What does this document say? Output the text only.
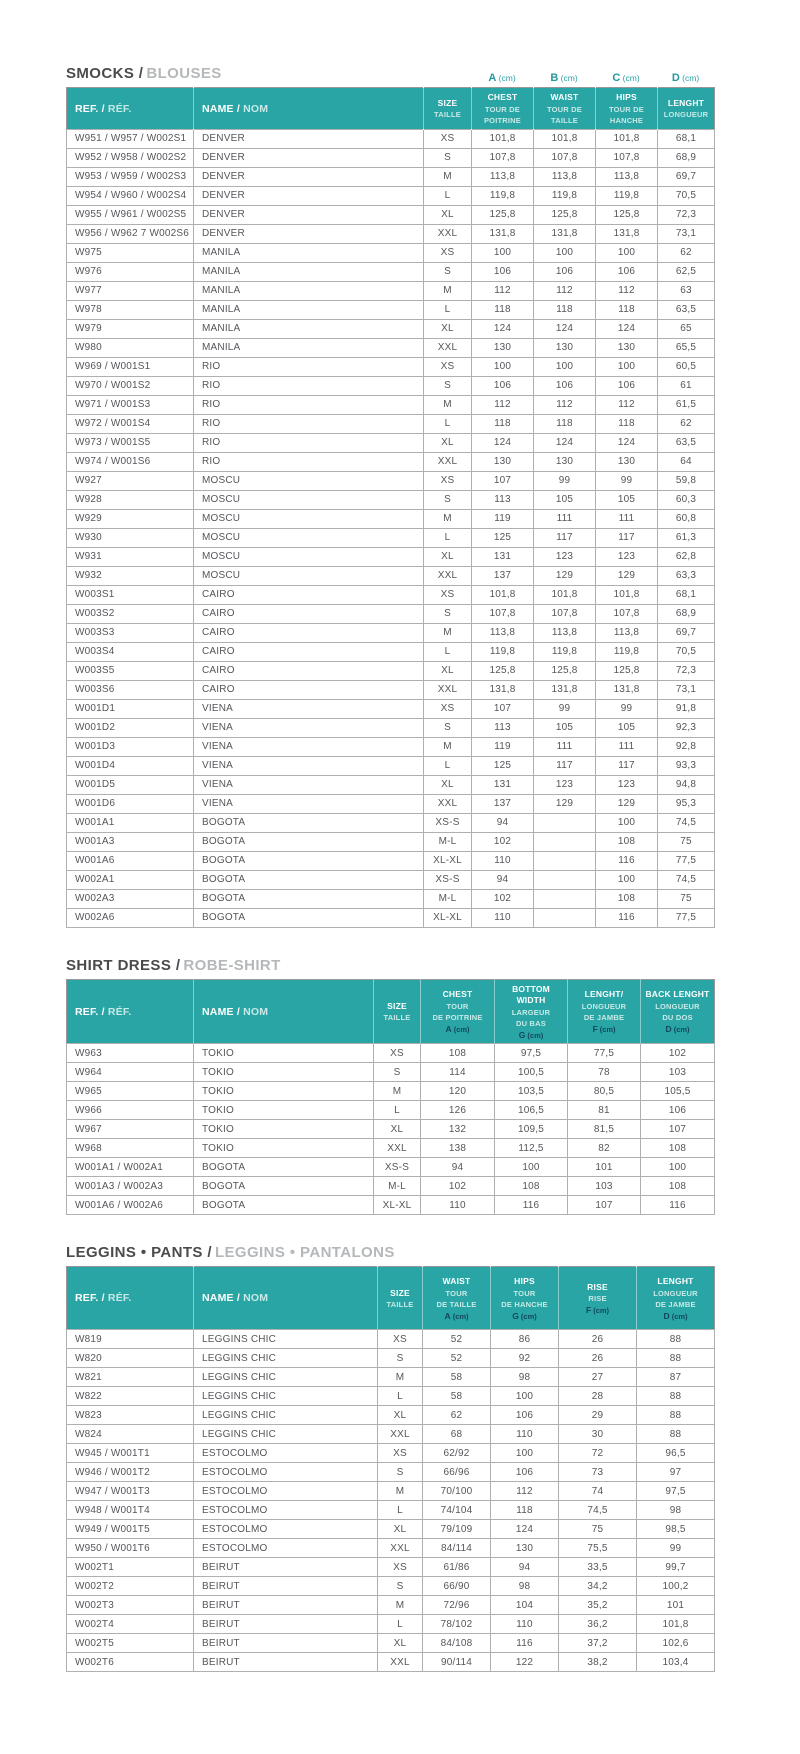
SMOCKS / BLOUSES	A (cm)	B (cm)	C (cm)	D (cm)
REF. / RÉF.	NAME / NOM	SIZE
TAILLE

CHEST
TOUR DE
POITRINE

WAIST
TOUR DE
TAILLE

HIPS
TOUR DE
HANCHE

LENGHT
LONGUEUR

W951 / W957 / W002S1	DENVER	XS	101,8	101,8	101,8	68,1
W952 / W958 / W002S2	DENVER	S	107,8	107,8	107,8	68,9
W953 / W959 / W002S3	DENVER	M	113,8	113,8	113,8	69,7
W954 / W960 / W002S4	DENVER	L	119,8	119,8	119,8	70,5
W955 / W961 / W002S5	DENVER	XL	125,8	125,8	125,8	72,3
W956 / W962 7 W002S6	DENVER	XXL	131,8	131,8	131,8	73,1
W975	MANILA	XS	100	100	100	62
W976	MANILA	S	106	106	106	62,5
W977	MANILA	M	112	112	112	63
W978	MANILA	L	118	118	118	63,5
W979	MANILA	XL	124	124	124	65
W980	MANILA	XXL	130	130	130	65,5
W969 / W001S1	RIO	XS	100	100	100	60,5
W970 / W001S2	RIO	S	106	106	106	61
W971 / W001S3	RIO	M	112	112	112	61,5
W972 / W001S4	RIO	L	118	118	118	62
W973 / W001S5	RIO	XL	124	124	124	63,5
W974 / W001S6	RIO	XXL	130	130	130	64
W927	MOSCU	XS	107	99	99	59,8
W928	MOSCU	S	113	105	105	60,3
W929	MOSCU	M	119	111	111	60,8
W930	MOSCU	L	125	117	117	61,3
W931	MOSCU	XL	131	123	123	62,8
W932	MOSCU	XXL	137	129	129	63,3
W003S1	CAIRO	XS	101,8	101,8	101,8	68,1
W003S2	CAIRO	S	107,8	107,8	107,8	68,9
W003S3	CAIRO	M	113,8	113,8	113,8	69,7
W003S4	CAIRO	L	119,8	119,8	119,8	70,5
W003S5	CAIRO	XL	125,8	125,8	125,8	72,3
W003S6	CAIRO	XXL	131,8	131,8	131,8	73,1
W001D1	VIENA	XS	107	99	99	91,8
W001D2	VIENA	S	113	105	105	92,3
W001D3	VIENA	M	119	111	111	92,8
W001D4	VIENA	L	125	117	117	93,3
W001D5	VIENA	XL	131	123	123	94,8
W001D6	VIENA	XXL	137	129	129	95,3
W001A1	BOGOTA	XS-S	94		100	74,5
W001A3	BOGOTA	M-L	102		108	75
W001A6	BOGOTA	XL-XL	110		116	77,5
W002A1	BOGOTA	XS-S	94		100	74,5
W002A3	BOGOTA	M-L	102		108	75
W002A6	BOGOTA	XL-XL	110		116	77,5
SHIRT DRESS / ROBE-SHIRT
REF. / RÉF.	NAME / NOM	SIZE
TAILLE

CHEST
TOUR
DE POITRINE
A (cm)

BOTTOM
WIDTH LARGEUR
DU BAS
G (cm)

LENGHT/
LONGUEUR
DE JAMBE
F (cm)

BACK LENGHT
LONGUEUR
DU DOS
D (cm)

W963	TOKIO	XS	108	97,5	77,5	102
W964	TOKIO	S	114	100,5	78	103
W965	TOKIO	M	120	103,5	80,5	105,5
W966	TOKIO	L	126	106,5	81	106
W967	TOKIO	XL	132	109,5	81,5	107
W968	TOKIO	XXL	138	112,5	82	108
W001A1 / W002A1	BOGOTA	XS-S	94	100	101	100
W001A3 / W002A3	BOGOTA	M-L	102	108	103	108
W001A6 / W002A6	BOGOTA	XL-XL	110	116	107	116
LEGGINS • PANTS / LEGGINS • PANTALONS
REF. / RÉF.	NAME / NOM	SIZE
TAILLE

WAIST
TOUR
DE TAILLE
A (cm)

HIPS
TOUR
DE HANCHE
G (cm)

RISE
RISE
F (cm)

LENGHT
LONGUEUR
DE JAMBE
D (cm)

W819	LEGGINS CHIC	XS	52	86	26	88
W820	LEGGINS CHIC	S	52	92	26	88
W821	LEGGINS CHIC	M	58	98	27	87
W822	LEGGINS CHIC	L	58	100	28	88
W823	LEGGINS CHIC	XL	62	106	29	88
W824	LEGGINS CHIC	XXL	68	110	30	88
W945 / W001T1	ESTOCOLMO	XS	62/92	100	72	96,5
W946 / W001T2	ESTOCOLMO	S	66/96	106	73	97
W947 / W001T3	ESTOCOLMO	M	70/100	112	74	97,5
W948 / W001T4	ESTOCOLMO	L	74/104	118	74,5	98
W949 / W001T5	ESTOCOLMO	XL	79/109	124	75	98,5
W950 / W001T6	ESTOCOLMO	XXL	84/114	130	75,5	99
W002T1	BEIRUT	XS	61/86	94	33,5	99,7
W002T2	BEIRUT	S	66/90	98	34,2	100,2
W002T3	BEIRUT	M	72/96	104	35,2	101
W002T4	BEIRUT	L	78/102	110	36,2	101,8
W002T5	BEIRUT	XL	84/108	116	37,2	102,6
W002T6	BEIRUT	XXL	90/114	122	38,2	103,4
